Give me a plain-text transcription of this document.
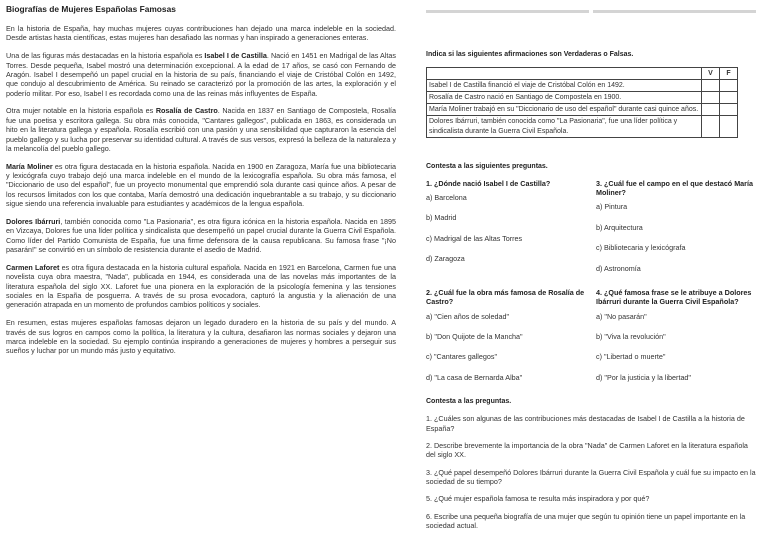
Biografías de Mujeres Españolas Famosas

En la historia de España, hay muchas mujeres cuyas contribuciones han dejado una marca indeleble en la sociedad. Desde artistas hasta científicas, estas mujeres han desafiado las normas y han inspirado a generaciones enteras.

Una de las figuras más destacadas en la historia española es Isabel I de Castilla. Nació en 1451 en Madrigal de las Altas Torres. Desde pequeña, Isabel mostró una determinación excepcional. A la edad de 17 años, se casó con Fernando de Aragón. Isabel I desempeñó un papel crucial en la historia de su país, financiando el viaje de Cristóbal Colón en 1492, que condujo al descubrimiento de América. Su reinado se caracterizó por la promoción de las artes, la exploración y el poderío militar. Por eso, Isabel I es recordada como una de las reinas más influyentes de España.

Otra mujer notable en la historia española es Rosalía de Castro. Nacida en 1837 en Santiago de Compostela, Rosalía fue una poetisa y escritora gallega. Su obra más conocida, "Cantares gallegos", publicada en 1863, es considerada un hito en la literatura gallega y española. Rosalía escribió con una pasión y una sensibilidad que capturaron la esencia del pueblo gallego y su lucha por preservar su identidad cultural. A través de sus versos, expresó la belleza de la naturaleza y la melancolía del pueblo gallego.

María Moliner es otra figura destacada en la historia española. Nacida en 1900 en Zaragoza, María fue una bibliotecaria y lexicógrafa cuyo trabajo dejó una marca indeleble en el mundo de la lexicografía española. Su obra más famosa, el "Diccionario de uso del español", fue un proyecto monumental que emprendió sola durante casi quince años. A pesar de los recursos limitados con los que contaba, María demostró una dedicación inquebrantable a su trabajo, y su diccionario sigue siendo una referencia invaluable para estudiantes y académicos de la lengua española.

Dolores Ibárruri, también conocida como "La Pasionaria", es otra figura icónica en la historia española. Nacida en 1895 en Vizcaya, Dolores fue una líder política y sindicalista que desempeñó un papel crucial durante la Guerra Civil Española. Como líder del Partido Comunista de España, fue una firme defensora de la causa republicana. Su famosa frase "¡No pasarán!" se convirtió en un símbolo de resistencia durante el asedio de Madrid.

Carmen Laforet es otra figura destacada en la historia cultural española. Nacida en 1921 en Barcelona, Carmen fue una novelista cuya obra maestra, "Nada", publicada en 1944, es considerada una de las novelas más importantes de la literatura española del siglo XX. Laforet fue una pionera en la exploración de la psicología femenina y las tensiones sociales en la España de posguerra. A través de su prosa evocadora, capturó la angustia y la alienación de una generación atrapada en un momento de profundos cambios políticos y sociales.

En resumen, estas mujeres españolas famosas dejaron un legado duradero en la historia de su país y del mundo. A través de sus logros en campos como la política, la literatura y la cultura, desafiaron las normas sociales y dejaron una marca indeleble en la sociedad. Su ejemplo continúa inspirando a generaciones de mujeres y hombres a perseguir sus sueños y luchar por un mundo más justo y equitativo.

Indica si las siguientes afirmaciones son Verdaderas o Falsas.
	V	F
Isabel I de Castilla financió el viaje de Cristóbal Colón en 1492.		
Rosalía de Castro nació en Santiago de Compostela en 1900.		
María Moliner trabajó en su "Diccionario de uso del español" durante casi quince años.		
Dolores Ibárruri, también conocida como "La Pasionaria", fue una líder política y sindicalista durante la Guerra Civil Española.		
Contesta a las siguientes preguntas.
1. ¿Dónde nació Isabel I de Castilla?
a) Barcelona
b) Madrid
c) Madrigal de las Altas Torres
d) Zaragoza
3. ¿Cuál fue el campo en el que destacó María Moliner?
a) Pintura
b) Arquitectura
c) Bibliotecaria y lexicógrafa
d) Astronomía
2. ¿Cuál fue la obra más famosa de Rosalía de Castro?
a) "Cien años de soledad"
b) "Don Quijote de la Mancha"
c) "Cantares gallegos"
d) "La casa de Bernarda Alba"
4. ¿Qué famosa frase se le atribuye a Dolores Ibárruri durante la Guerra Civil Española?
a) "No pasarán"
b) "Viva la revolución"
c) "Libertad o muerte"
d) "Por la justicia y la libertad"
Contesta a las preguntas.

1. ¿Cuáles son algunas de las contribuciones más destacadas de Isabel I de Castilla a la historia de España?

2. Describe brevemente la importancia de la obra "Nada" de Carmen Laforet en la literatura española del siglo XX.

3. ¿Qué papel desempeñó Dolores Ibárruri durante la Guerra Civil Española y cuál fue su impacto en la sociedad de su tiempo?

5. ¿Qué mujer española famosa te resulta más inspiradora y por qué?

6. Escribe una pequeña biografía de una mujer que según tu opinión tiene un papel importante en la sociedad actual.
